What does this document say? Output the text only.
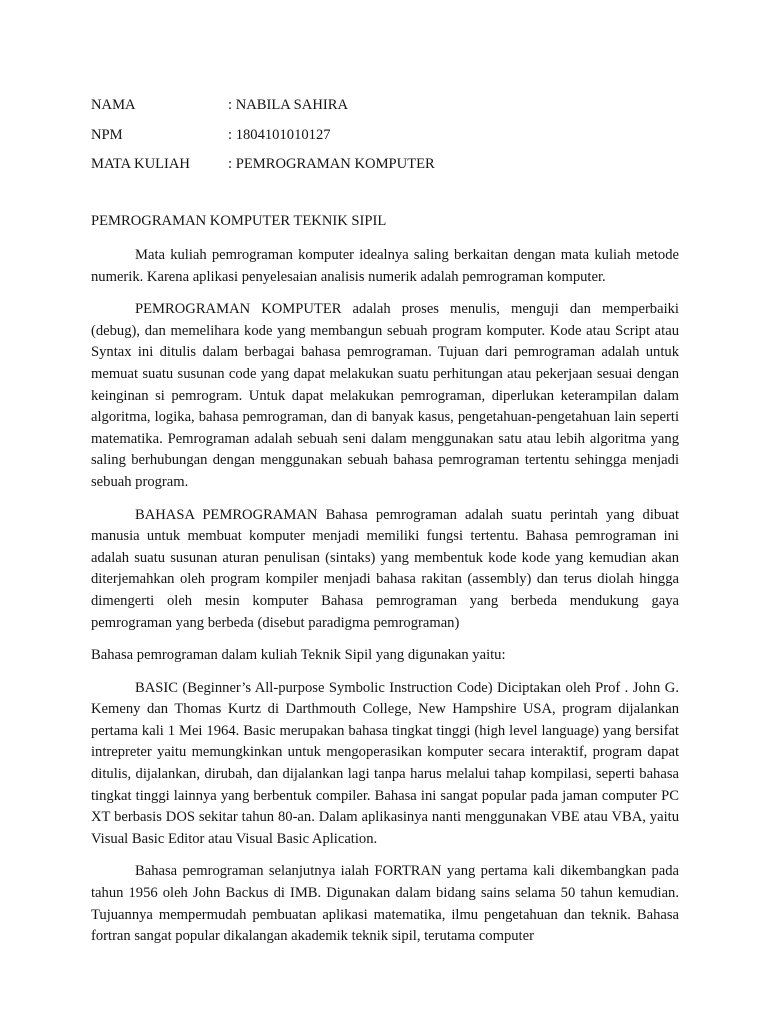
NAMA	: NABILA SAHIRA
NPM	: 1804101010127
MATA KULIAH	: PEMROGRAMAN KOMPUTER
PEMROGRAMAN KOMPUTER TEKNIK SIPIL

Mata kuliah pemrograman komputer idealnya saling berkaitan dengan mata kuliah metode numerik. Karena aplikasi penyelesaian analisis numerik adalah pemrograman komputer.

PEMROGRAMAN KOMPUTER adalah proses menulis, menguji dan memperbaiki (debug), dan memelihara kode yang membangun sebuah program komputer. Kode atau Script atau Syntax ini ditulis dalam berbagai bahasa pemrograman. Tujuan dari pemrograman adalah untuk memuat suatu susunan code yang dapat melakukan suatu perhitungan atau pekerjaan sesuai dengan keinginan si pemrogram. Untuk dapat melakukan pemrograman, diperlukan keterampilan dalam algoritma, logika, bahasa pemrograman, dan di banyak kasus, pengetahuan-pengetahuan lain seperti matematika. Pemrograman adalah sebuah seni dalam menggunakan satu atau lebih algoritma yang saling berhubungan dengan menggunakan sebuah bahasa pemrograman tertentu sehingga menjadi sebuah program.

BAHASA PEMROGRAMAN Bahasa pemrograman adalah suatu perintah yang dibuat manusia untuk membuat komputer menjadi memiliki fungsi tertentu. Bahasa pemrograman ini adalah suatu susunan aturan penulisan (sintaks) yang membentuk kode kode yang kemudian akan diterjemahkan oleh program kompiler menjadi bahasa rakitan (assembly) dan terus diolah hingga dimengerti oleh mesin komputer Bahasa pemrograman yang berbeda mendukung gaya pemrograman yang berbeda (disebut paradigma pemrograman)

Bahasa pemrograman dalam kuliah Teknik Sipil yang digunakan yaitu:

BASIC (Beginner’s All-purpose Symbolic Instruction Code) Diciptakan oleh Prof . John G. Kemeny dan Thomas Kurtz di Darthmouth College, New Hampshire USA, program dijalankan pertama kali 1 Mei 1964. Basic merupakan bahasa tingkat tinggi (high level language) yang bersifat intrepreter yaitu memungkinkan untuk mengoperasikan komputer secara interaktif, program dapat ditulis, dijalankan, dirubah, dan dijalankan lagi tanpa harus melalui tahap kompilasi, seperti bahasa tingkat tinggi lainnya yang berbentuk compiler. Bahasa ini sangat popular pada jaman computer PC XT berbasis DOS sekitar tahun 80-an. Dalam aplikasinya nanti menggunakan VBE atau VBA, yaitu Visual Basic Editor atau Visual Basic Aplication.

Bahasa pemrograman selanjutnya ialah FORTRAN yang pertama kali dikembangkan pada tahun 1956 oleh John Backus di IMB. Digunakan dalam bidang sains selama 50 tahun kemudian. Tujuannya mempermudah pembuatan aplikasi matematika, ilmu pengetahuan dan teknik. Bahasa fortran sangat popular dikalangan akademik teknik sipil, terutama computer
